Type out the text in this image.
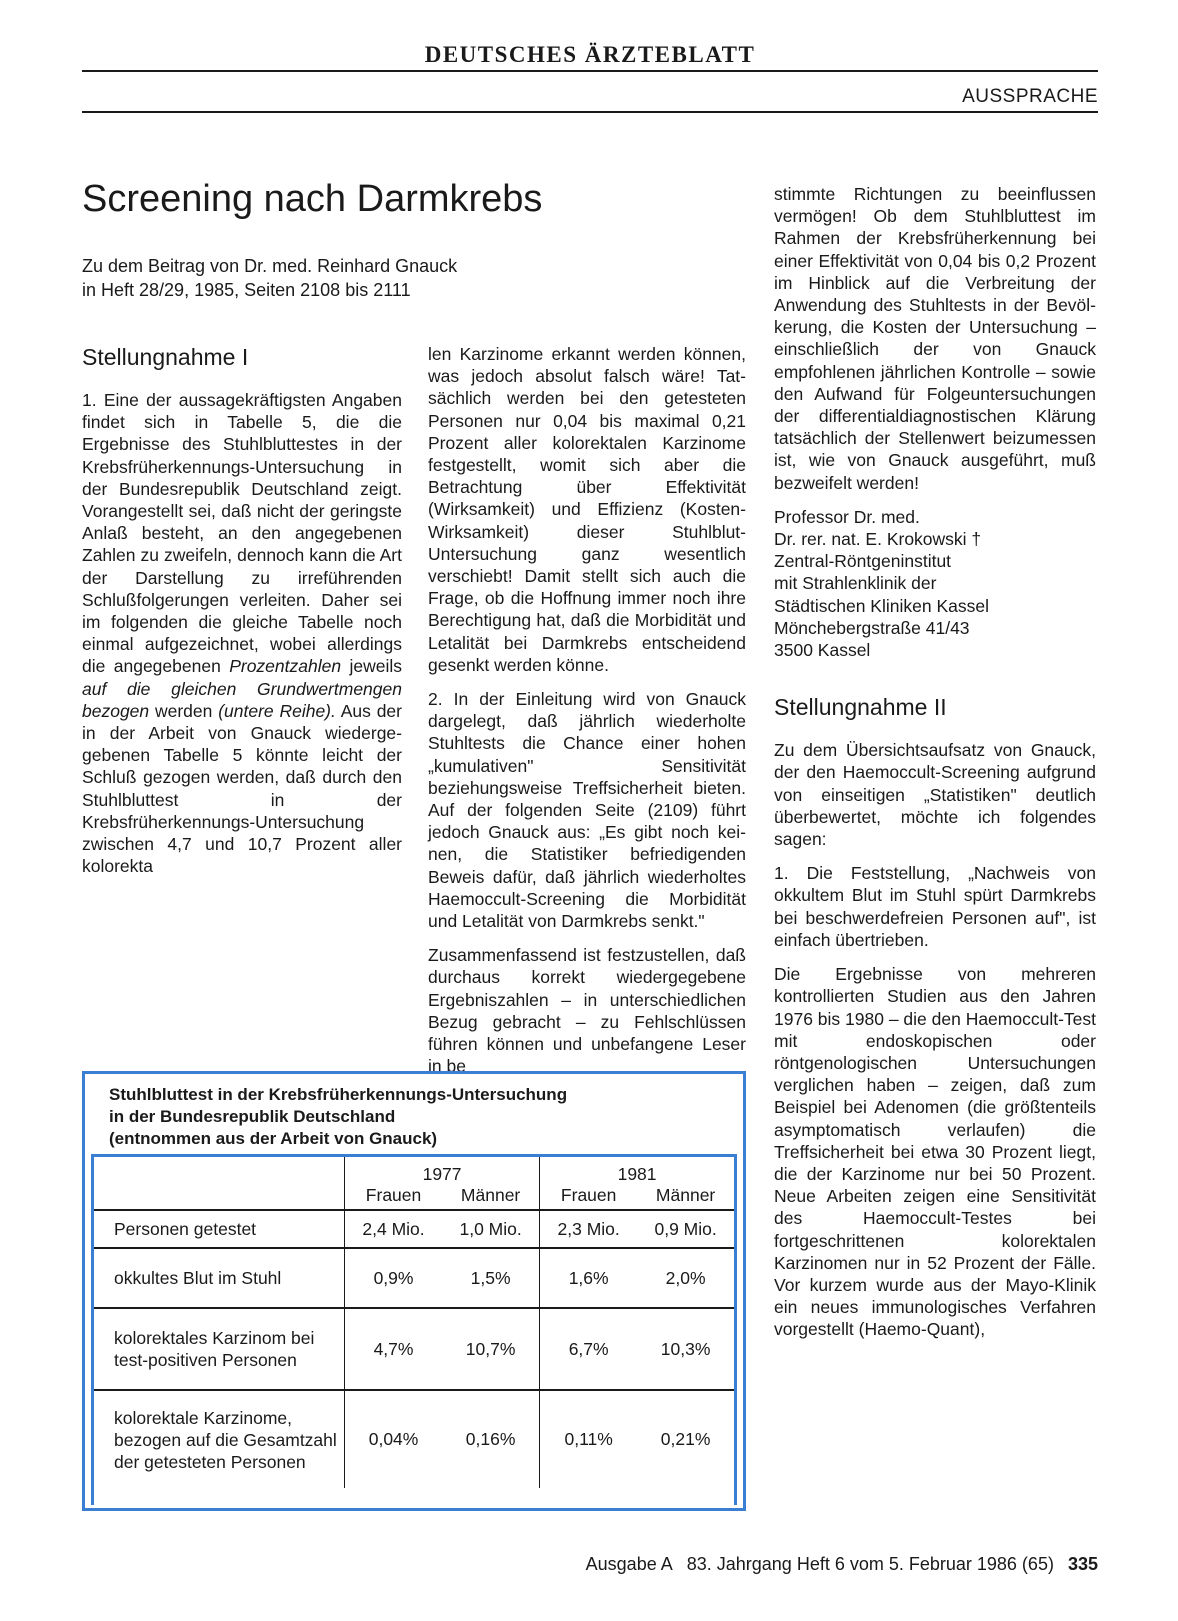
DEUTSCHES ÄRZTEBLATT
AUSSPRACHE
Screening nach Darmkrebs
Zu dem Beitrag von Dr. med. Reinhard Gnauck
in Heft 28/29, 1985, Seiten 2108 bis 2111
Stellungnahme I

1. Eine der aussagekräftigsten Angaben findet sich in Tabelle 5, die die Ergebnisse des Stuhlbluttestes in der Krebsfrüherkennungs-Untersuchung in der Bundesrepublik Deutschland zeigt. Vorangestellt sei, daß nicht der geringste Anlaß besteht, an den angegebenen Zahlen zu zweifeln, dennoch kann die Art der Darstellung zu irreführenden Schlußfolgerungen verleiten. Daher sei im folgenden die gleiche Tabelle noch einmal aufgezeichnet, wobei allerdings die angegebenen Prozentzahlen jeweils auf die gleichen Grundwertmengen bezogen werden (untere Reihe). Aus der in der Arbeit von Gnauck wiedergegebenen Tabelle 5 könnte leicht der Schluß gezogen werden, daß durch den Stuhlbluttest in der Krebsfrüherkennungs-Untersuchung zwischen 4,7 und 10,7 Prozent aller kolorekta

len Karzinome erkannt werden können, was jedoch absolut falsch wäre! Tatsächlich werden bei den getesteten Personen nur 0,04 bis maximal 0,21 Prozent aller kolorektalen Karzinome festgestellt, womit sich aber die Betrachtung über Effektivität (Wirksamkeit) und Effizienz (Kosten-Wirksamkeit) dieser Stuhlblut-Untersuchung ganz wesentlich verschiebt! Damit stellt sich auch die Frage, ob die Hoffnung immer noch ihre Berechtigung hat, daß die Morbidität und Letalität bei Darmkrebs entscheidend gesenkt werden könne.

2. In der Einleitung wird von Gnauck dargelegt, daß jährlich wiederholte Stuhltests die Chance einer hohen „kumulativen" Sensitivität beziehungsweise Treffsicherheit bieten. Auf der folgenden Seite (2109) führt jedoch Gnauck aus: „Es gibt noch keinen, die Statistiker befriedigenden Beweis dafür, daß jährlich wiederholtes Haemoccult-Screening die Morbidität und Letalität von Darmkrebs senkt."

Zusammenfassend ist festzustellen, daß durchaus korrekt wiedergegebene Ergebniszahlen – in unterschiedlichen Bezug gebracht – zu Fehlschlüssen führen können und unbefangene Leser in be

stimmte Richtungen zu beeinflussen vermögen! Ob dem Stuhlbluttest im Rahmen der Krebsfrüherkennung bei einer Effektivität von 0,04 bis 0,2 Prozent im Hinblick auf die Verbreitung der Anwendung des Stuhltests in der Bevölkerung, die Kosten der Untersuchung – einschließlich der von Gnauck empfohlenen jährlichen Kontrolle – sowie den Aufwand für Folgeuntersuchungen der differentialdiagnostischen Klärung tatsächlich der Stellenwert beizumessen ist, wie von Gnauck ausgeführt, muß bezweifelt werden!

Professor Dr. med.
Dr. rer. nat. E. Krokowski †
Zentral-Röntgeninstitut
mit Strahlenklinik der
Städtischen Kliniken Kassel
Mönchebergstraße 41/43
3500 Kassel
Stellungnahme II

Zu dem Übersichtsaufsatz von Gnauck, der den Haemoccult-Screening aufgrund von einseitigen „Statistiken" deutlich überbewertet, möchte ich folgendes sagen:

1. Die Feststellung, „Nachweis von okkultem Blut im Stuhl spürt Darmkrebs bei beschwerdefreien Personen auf", ist einfach übertrieben.

Die Ergebnisse von mehreren kontrollierten Studien aus den Jahren 1976 bis 1980 – die den Haemoccult-Test mit endoskopischen oder röntgenologischen Untersuchungen verglichen haben – zeigen, daß zum Beispiel bei Adenomen (die größtenteils asymptomatisch verlaufen) die Treffsicherheit bei etwa 30 Prozent liegt, die der Karzinome nur bei 50 Prozent. Neue Arbeiten zeigen eine Sensitivität des Haemoccult-Testes bei fortgeschrittenen kolorektalen Karzinomen nur in 52 Prozent der Fälle. Vor kurzem wurde aus der Mayo-Klinik ein neues immunologisches Verfahren vorgestellt (Haemo-Quant),

Stuhlbluttest in der Krebsfrüherkennungs-Untersuchung
in der Bundesrepublik Deutschland
(entnommen aus der Arbeit von Gnauck)
	1977		1981	
	Frauen	Männer	Frauen	Männer
Personen getestet	2,4 Mio.	1,0 Mio.	2,3 Mio.	0,9 Mio.
okkultes Blut im Stuhl	0,9%	1,5%	1,6%	2,0%
kolorektales Karzinom bei test-positiven Personen	4,7%	10,7%	6,7%	10,3%
kolorektale Karzinome, bezogen auf die Gesamtzahl der getesteten Personen	0,04%	0,16%	0,11%	0,21%
Ausgabe A   83. Jahrgang Heft 6 vom 5. Februar 1986 (65) 335
